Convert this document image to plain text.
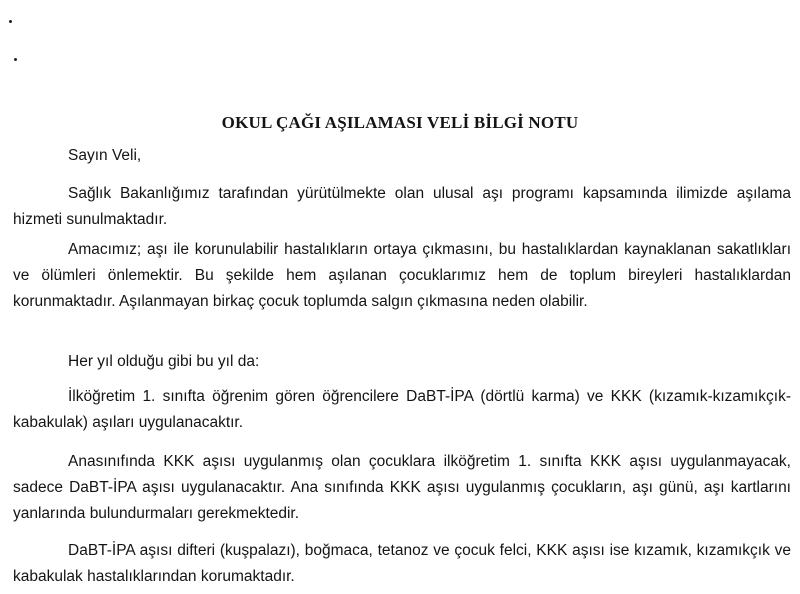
OKUL ÇAĞI AŞILAMASI VELİ BİLGİ NOTU

Sayın Veli,

Sağlık Bakanlığımız tarafından yürütülmekte olan ulusal aşı programı kapsamında ilimizde aşılama hizmeti sunulmaktadır.

Amacımız; aşı ile korunulabilir hastalıkların ortaya çıkmasını, bu hastalıklardan kaynaklanan sakatlıkları ve ölümleri önlemektir. Bu şekilde hem aşılanan çocuklarımız hem de toplum bireyleri hastalıklardan korunmaktadır. Aşılanmayan birkaç çocuk toplumda salgın çıkmasına neden olabilir.

Her yıl olduğu gibi bu yıl da:

İlköğretim 1. sınıfta öğrenim gören öğrencilere DaBT-İPA (dörtlü karma) ve KKK (kızamık-kızamıkçık-kabakulak) aşıları uygulanacaktır.

Anasınıfında KKK aşısı uygulanmış olan çocuklara ilköğretim 1. sınıfta KKK aşısı uygulanmayacak, sadece DaBT-İPA aşısı uygulanacaktır. Ana sınıfında KKK aşısı uygulanmış çocukların, aşı günü, aşı kartlarını yanlarında bulundurmaları gerekmektedir.

DaBT-İPA aşısı difteri (kuşpalazı), boğmaca, tetanoz ve çocuk felci, KKK aşısı ise kızamık, kızamıkçık ve kabakulak hastalıklarından korumaktadır.
